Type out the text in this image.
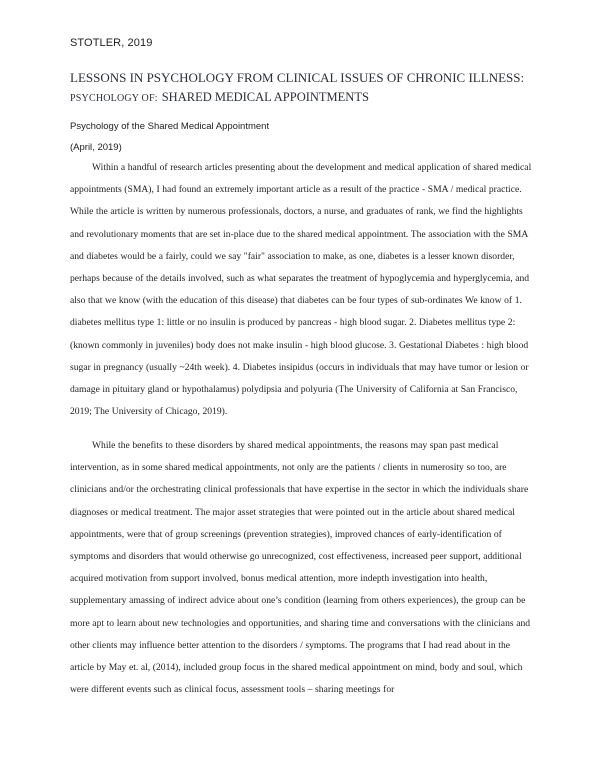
STOTLER, 2019
LESSONS IN PSYCHOLOGY FROM CLINICAL ISSUES OF CHRONIC ILLNESS:
PSYCHOLOGY OF: SHARED MEDICAL APPOINTMENTS
Psychology of the Shared Medical Appointment
(April, 2019)

Within a handful of research articles presenting about the development and medical application of shared medical appointments (SMA), I had found an extremely important article as a result of the practice - SMA / medical practice. While the article is written by numerous professionals, doctors, a nurse, and graduates of rank, we find the highlights and revolutionary moments that are set in-place due to the shared medical appointment. The association with the SMA and diabetes would be a fairly, could we say "fair" association to make, as one, diabetes is a lesser known disorder, perhaps because of the details involved, such as what separates the treatment of hypoglycemia and hyperglycemia, and also that we know (with the education of this disease) that diabetes can be four types of sub-ordinates We know of 1. diabetes mellitus type 1: little or no insulin is produced by pancreas - high blood sugar. 2. Diabetes mellitus type 2: (known commonly in juveniles) body does not make insulin - high blood glucose. 3. Gestational Diabetes : high blood sugar in pregnancy (usually ~24th week). 4. Diabetes insipidus (occurs in individuals that may have tumor or lesion or damage in pituitary gland or hypothalamus) polydipsia and polyuria (The University of California at San Francisco, 2019; The University of Chicago, 2019).

While the benefits to these disorders by shared medical appointments, the reasons may span past medical intervention, as in some shared medical appointments, not only are the patients / clients in numerosity so too, are clinicians and/or the orchestrating clinical professionals that have expertise in the sector in which the individuals share diagnoses or medical treatment. The major asset strategies that were pointed out in the article about shared medical appointments, were that of group screenings (prevention strategies), improved chances of early-identification of symptoms and disorders that would otherwise go unrecognized, cost effectiveness, increased peer support, additional acquired motivation from support involved, bonus medical attention, more indepth investigation into health, supplementary amassing of indirect advice about one’s condition (learning from others experiences), the group can be more apt to learn about new technologies and opportunities, and sharing time and conversations with the clinicians and other clients may influence better attention to the disorders / symptoms. The programs that I had read about in the article by May et. al, (2014), included group focus in the shared medical appointment on mind, body and soul, which were different events such as clinical focus, assessment tools – sharing meetings for
